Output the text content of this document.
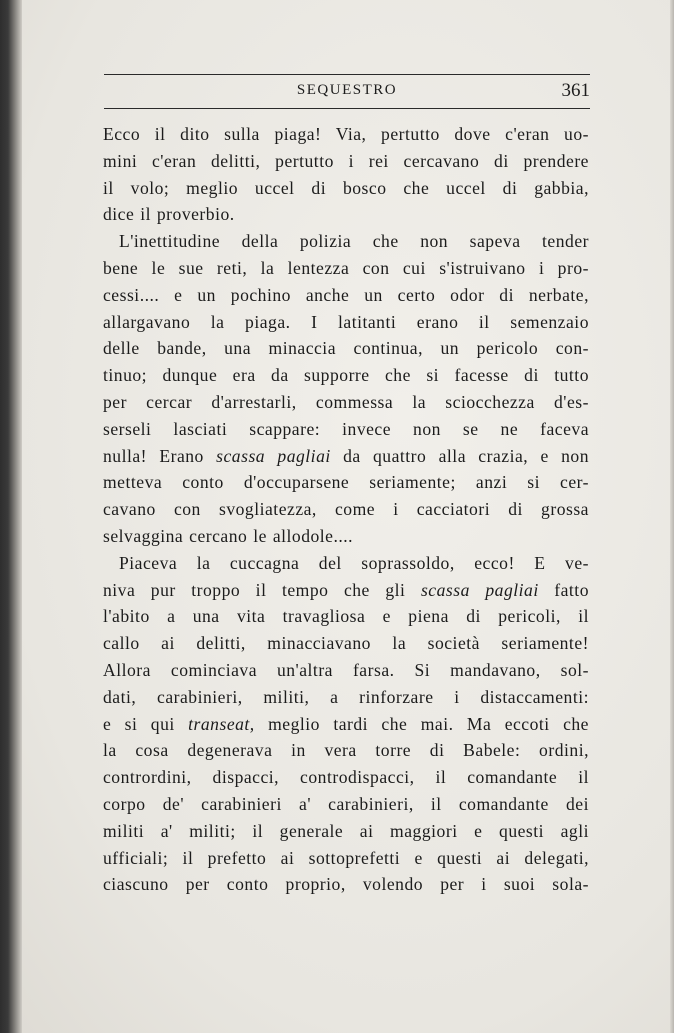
SEQUESTRO	361
Ecco il dito sulla piaga! Via, pertutto dove c'eran uo-
mini c'eran delitti, pertutto i rei cercavano di prendere
il volo; meglio uccel di bosco che uccel di gabbia,
dice il proverbio.
L'inettitudine della polizia che non sapeva tender
bene le sue reti, la lentezza con cui s'istruivano i pro-
cessi.... e un pochino anche un certo odor di nerbate,
allargavano la piaga. I latitanti erano il semenzaio
delle bande, una minaccia continua, un pericolo con-
tinuo; dunque era da supporre che si facesse di tutto
per cercar d'arrestarli, commessa la sciocchezza d'es-
serseli lasciati scappare: invece non se ne faceva
nulla! Erano scassa pagliai da quattro alla crazia, e non
metteva conto d'occuparsene seriamente; anzi si cer-
cavano con svogliatezza, come i cacciatori di grossa
selvaggina cercano le allodole....
Piaceva la cuccagna del soprassoldo, ecco! E ve-
niva pur troppo il tempo che gli scassa pagliai fatto
l'abito a una vita travagliosa e piena di pericoli, il
callo ai delitti, minacciavano la società seriamente!
Allora cominciava un'altra farsa. Si mandavano, sol-
dati, carabinieri, militi, a rinforzare i distaccamenti:
e si qui transeat, meglio tardi che mai. Ma eccoti che
la cosa degenerava in vera torre di Babele: ordini,
contrordini, dispacci, controdispacci, il comandante il
corpo de' carabinieri a' carabinieri, il comandante dei
militi a' militi; il generale ai maggiori e questi agli
ufficiali; il prefetto ai sottoprefetti e questi ai delegati,
ciascuno per conto proprio, volendo per i suoi sola-
